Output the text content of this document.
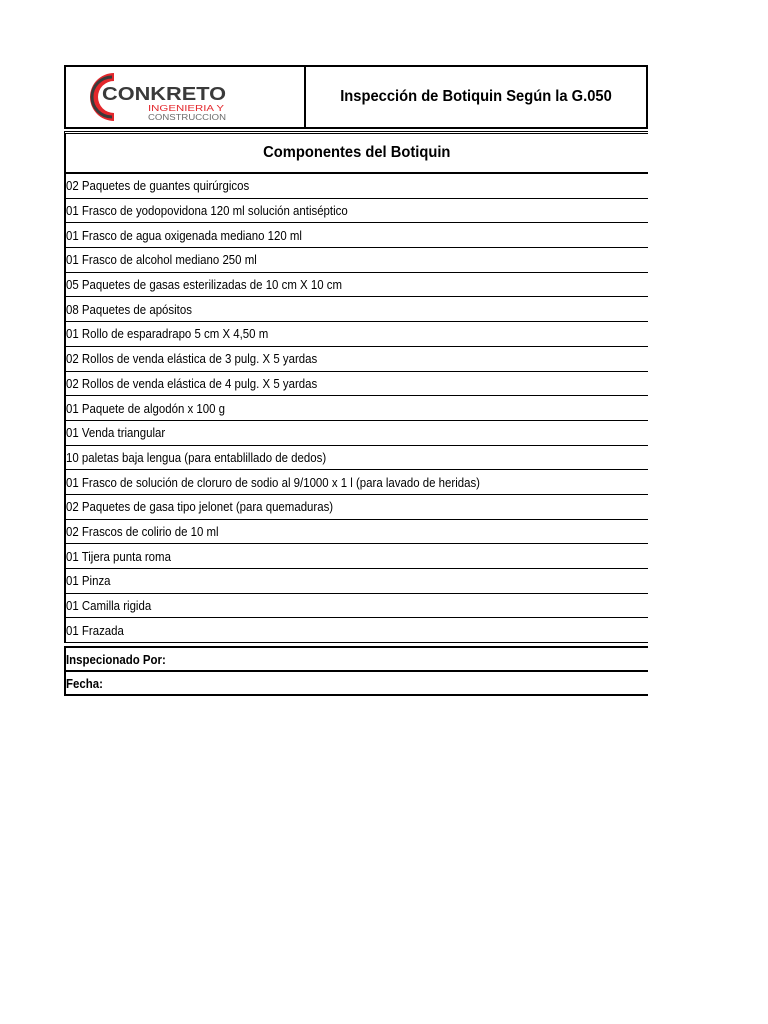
CONKRETO
INGENIERIA Y
CONSTRUCCION
Inspección de Botiquin Según la G.050
Componentes del Botiquin
02 Paquetes de guantes quirúrgicos
01 Frasco de yodopovidona 120 ml solución antiséptico
01 Frasco de agua oxigenada mediano 120 ml
01 Frasco de alcohol mediano 250 ml
05 Paquetes de gasas esterilizadas de 10 cm X 10 cm
08 Paquetes de apósitos
01 Rollo de esparadrapo 5 cm X 4,50 m
02 Rollos de venda elástica de 3 pulg. X 5 yardas
02 Rollos de venda elástica de 4 pulg. X 5 yardas
01 Paquete de algodón x 100 g
01 Venda triangular
10 paletas baja lengua (para entablillado de dedos)
01 Frasco de solución de cloruro de sodio al 9/1000 x 1 l (para lavado de heridas)
02 Paquetes de gasa tipo jelonet (para quemaduras)
02 Frascos de colirio de 10 ml
01 Tijera punta roma
01 Pinza
01 Camilla rigida
01 Frazada
Inspecionado Por:
Fecha:
